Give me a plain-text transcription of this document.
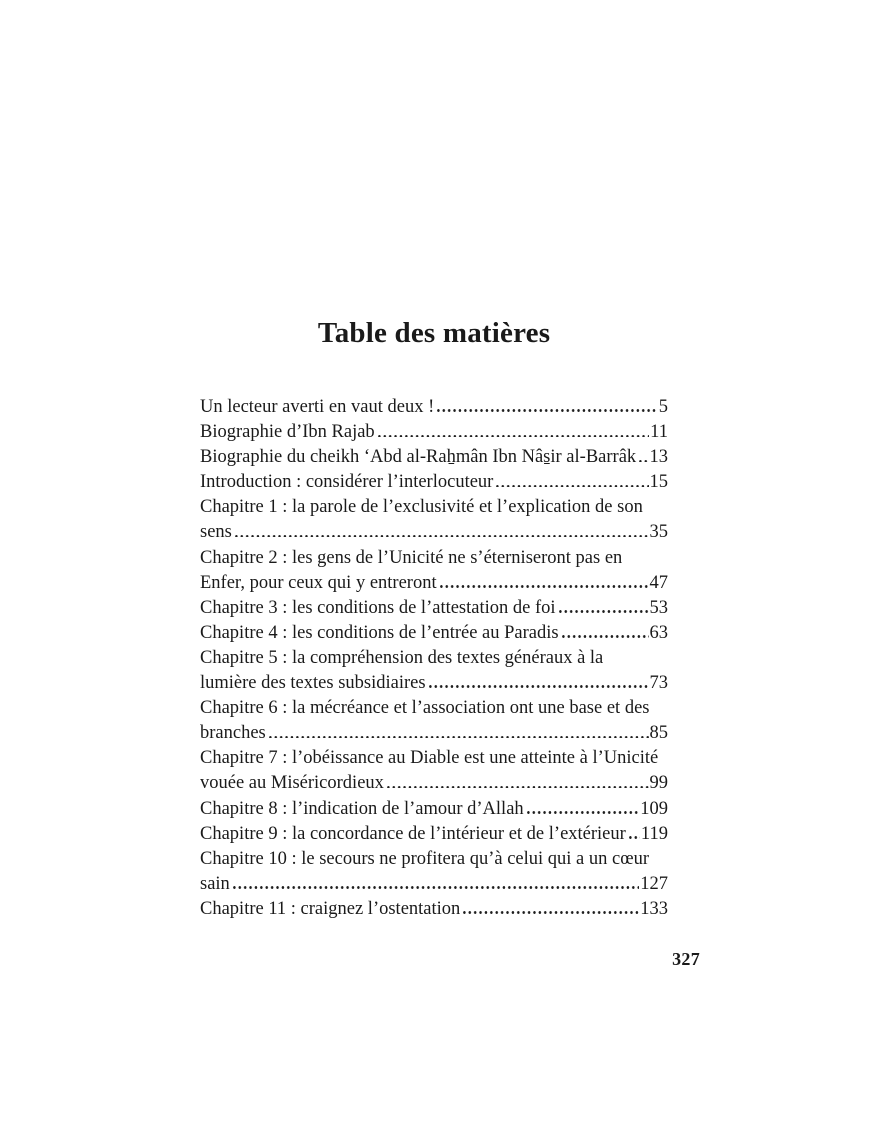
Table des matières
Un lecteur averti en vaut deux !	5
Biographie d’Ibn Rajab	11
Biographie du cheikh ‘Abd al-Raẖmân Ibn Nâs̱ir al-Barrâk 13
Introduction : considérer l’interlocuteur	15
Chapitre 1 : la parole de l’exclusivité et l’explication de son
sens	35
Chapitre 2 : les gens de l’Unicité ne s’éterniseront pas en
Enfer, pour ceux qui y entreront	47
Chapitre 3 : les conditions de l’attestation de foi	53
Chapitre 4 : les conditions de l’entrée au Paradis	63
Chapitre 5 : la compréhension des textes généraux à la
lumière des textes subsidiaires	73
Chapitre 6 : la mécréance et l’association ont une base et des
branches	85
Chapitre 7 : l’obéissance au Diable est une atteinte à l’Unicité
vouée au Miséricordieux	99
Chapitre 8 : l’indication de l’amour d’Allah	109
Chapitre 9 : la concordance de l’intérieur et de l’extérieur 119
Chapitre 10 : le secours ne profitera qu’à celui qui a un cœur
sain	127
Chapitre 11 : craignez l’ostentation	133
327
